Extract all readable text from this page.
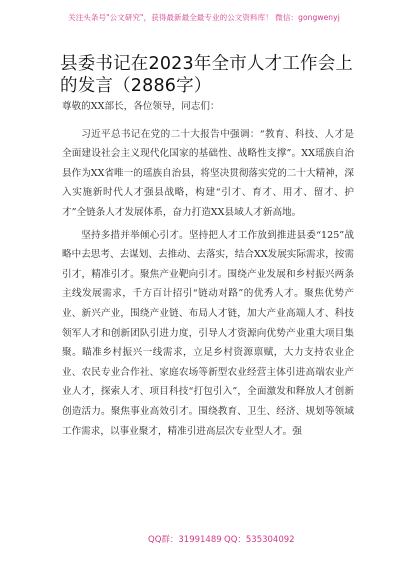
关注头条号"公文研究"，获得最新最全最专业的公文资料库！ 微信：gongwenyj
县委书记在2023年全市人才工作会上的发言（2886字）

尊敬的XX部长，各位领导，同志们：

习近平总书记在党的二十大报告中强调：“教育、科技、人才是全面建设社会主义现代化国家的基础性、战略性支撑”。XX瑶族自治县作为XX省唯一的瑶族自治县，将坚决贯彻落实党的二十大精神，深入实施新时代人才强县战略，构建“引才、育才、用才、留才、护才”全链条人才发展体系，奋力打造XX县域人才新高地。

坚持多措并举倾心引才。坚持把人才工作放到推进县委“125”战略中去思考、去谋划、去推动、去落实，结合XX发展实际需求，按需引才，精准引才。聚焦产业靶向引才。围绕产业发展和乡村振兴两条主线发展需求，千方百计招引“链动对路”的优秀人才。聚焦优势产业、新兴产业，围绕产业链、布局人才链，加大产业高端人才、科技领军人才和创新团队引进力度，引导人才资源向优势产业重大项目集聚。瞄准乡村振兴一线需求，立足乡村资源禀赋，大力支持农业企业、农民专业合作社、家庭农场等新型农业经营主体引进高端农业产业人才，探索人才、项目科技“打包引入”，全面激发和释放人才创新创造活力。聚焦事业高效引才。围绕教育、卫生、经济、规划等领域工作需求，以事业聚才，精准引进高层次专业型人才。强

QQ群：31991489 QQ：535304092
